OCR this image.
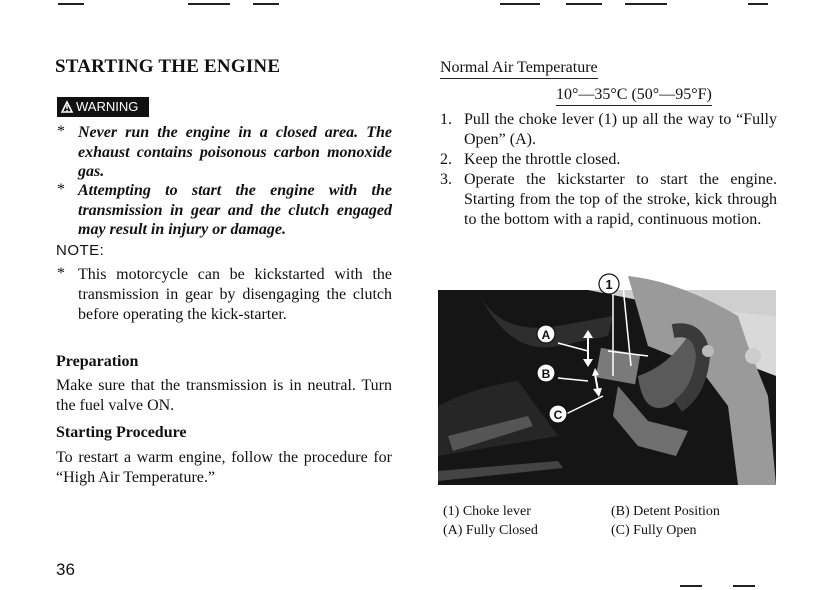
STARTING THE ENGINE
WARNING
* Never run the engine in a closed area. The exhaust contains poisonous carbon monoxide gas.

* Attempting to start the engine with the transmission in gear and the clutch engaged may result in injury or damage.

NOTE:
* This motorcycle can be kickstarted with the transmission in gear by disengaging the clutch before operating the kick-starter.

Preparation

Make sure that the transmission is in neutral. Turn the fuel valve ON.

Starting Procedure

To restart a warm engine, follow the procedure for “High Air Temperature.”

36
Normal Air Temperature
10°—35°C (50°—95°F)
1. Pull the choke lever (1) up all the way to “Fully Open” (A).
2. Keep the throttle closed.
3. Operate the kickstarter to start the engine. Starting from the top of the stroke, kick through to the bottom with a rapid, continuous motion.
1
A
B
C
(1) Choke lever
(A) Fully Closed
(B) Detent Position
(C) Fully Open
